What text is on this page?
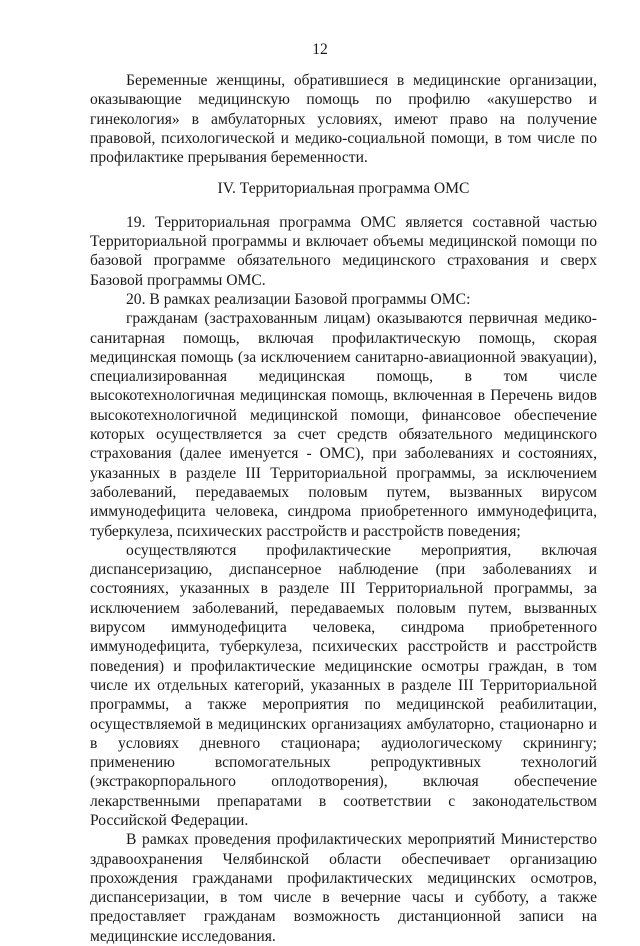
12

Беременные женщины, обратившиеся в медицинские организации, оказывающие медицинскую помощь по профилю «акушерство и гинекология» в амбулаторных условиях, имеют право на получение правовой, психологической и медико-социальной помощи, в том числе по профилактике прерывания беременности.

IV. Территориальная программа ОМС

19. Территориальная программа ОМС является составной частью Территориальной программы и включает объемы медицинской помощи по базовой программе обязательного медицинского страхования и сверх Базовой программы ОМС.

20. В рамках реализации Базовой программы ОМС:

гражданам (застрахованным лицам) оказываются первичная медико-санитарная помощь, включая профилактическую помощь, скорая медицинская помощь (за исключением санитарно-авиационной эвакуации), специализированная медицинская помощь, в том числе высокотехнологичная медицинская помощь, включенная в Перечень видов высокотехнологичной медицинской помощи, финансовое обеспечение которых осуществляется за счет средств обязательного медицинского страхования (далее именуется - ОМС), при заболеваниях и состояниях, указанных в разделе III Территориальной программы, за исключением заболеваний, передаваемых половым путем, вызванных вирусом иммунодефицита человека, синдрома приобретенного иммунодефицита, туберкулеза, психических расстройств и расстройств поведения;

осуществляются профилактические мероприятия, включая диспансеризацию, диспансерное наблюдение (при заболеваниях и состояниях, указанных в разделе III Территориальной программы, за исключением заболеваний, передаваемых половым путем, вызванных вирусом иммунодефицита человека, синдрома приобретенного иммунодефицита, туберкулеза, психических расстройств и расстройств поведения) и профилактические медицинские осмотры граждан, в том числе их отдельных категорий, указанных в разделе III Территориальной программы, а также мероприятия по медицинской реабилитации, осуществляемой в медицинских организациях амбулаторно, стационарно и в условиях дневного стационара; аудиологическому скринингу; применению вспомогательных репродуктивных технологий (экстракорпорального оплодотворения), включая обеспечение лекарственными препаратами в соответствии с законодательством Российской Федерации.

В рамках проведения профилактических мероприятий Министерство здравоохранения Челябинской области обеспечивает организацию прохождения гражданами профилактических медицинских осмотров, диспансеризации, в том числе в вечерние часы и субботу, а также предоставляет гражданам возможность дистанционной записи на медицинские исследования.
